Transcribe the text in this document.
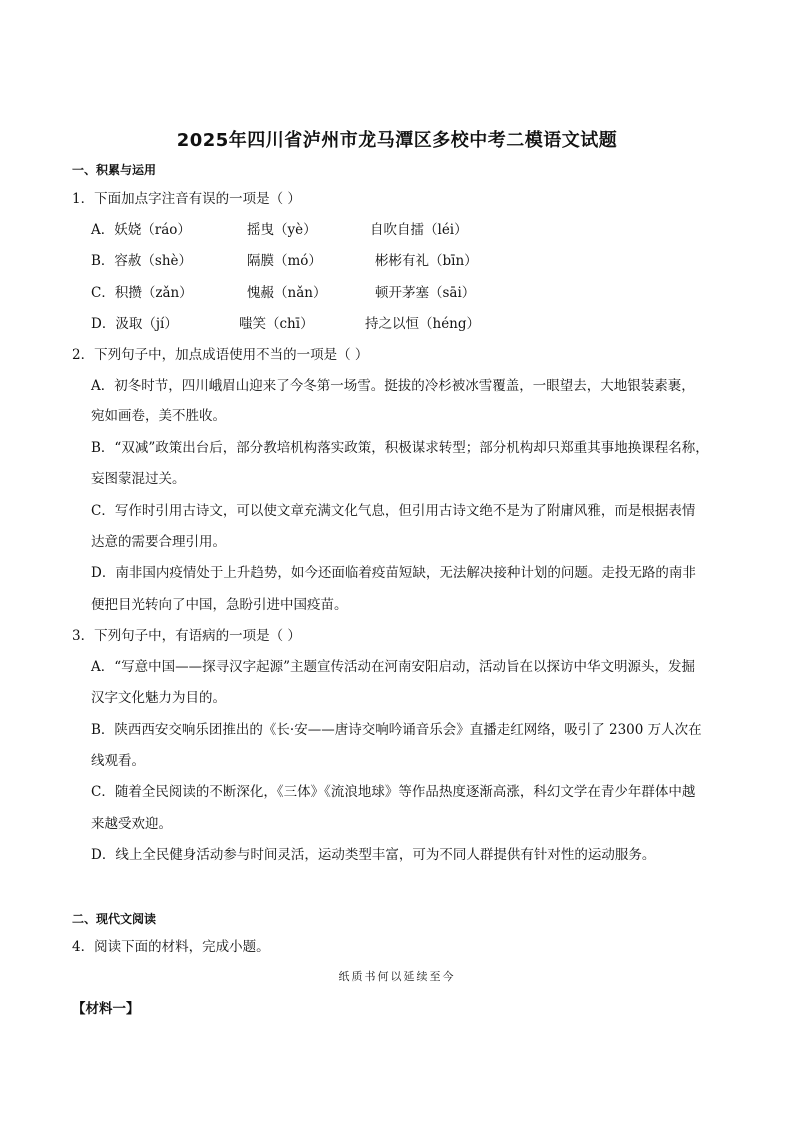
2025年四川省泸州市龙马潭区多校中考二模语文试题
一、积累与运用
1．下面加点字注音有误的一项是（ ）
A．妖娆（ráo）	摇曳（yè）	自吹自擂（léi）
B．容赦（shè）	隔膜（mó）	彬彬有礼（bīn）
C．积攒（zǎn）	愧赧（nǎn）	顿开茅塞（sāi）
D．汲取（jí）	嗤笑（chī）	持之以恒（héng）
2．下列句子中，加点成语使用不当的一项是（ ）
A．初冬时节，四川峨眉山迎来了今冬第一场雪。挺拔的冷杉被冰雪覆盖，一眼望去，大地银装素裹，
宛如画卷，美不胜收。
B．“双减”政策出台后，部分教培机构落实政策，积极谋求转型；部分机构却只郑重其事地换课程名称，
妄图蒙混过关。
C．写作时引用古诗文，可以使文章充满文化气息，但引用古诗文绝不是为了附庸风雅，而是根据表情
达意的需要合理引用。
D．南非国内疫情处于上升趋势，如今还面临着疫苗短缺，无法解决接种计划的问题。走投无路的南非
便把目光转向了中国，急盼引进中国疫苗。
3．下列句子中，有语病的一项是（ ）
A．“写意中国——探寻汉字起源”主题宣传活动在河南安阳启动，活动旨在以探访中华文明源头，发掘
汉字文化魅力为目的。
B．陕西西安交响乐团推出的《长·安——唐诗交响吟诵音乐会》直播走红网络，吸引了 2300 万人次在
线观看。
C．随着全民阅读的不断深化，《三体》《流浪地球》等作品热度逐渐高涨，科幻文学在青少年群体中越
来越受欢迎。
D．线上全民健身活动参与时间灵活，运动类型丰富，可为不同人群提供有针对性的运动服务。
二、现代文阅读
4．阅读下面的材料，完成小题。
纸质书何以延续至今
【材料一】
